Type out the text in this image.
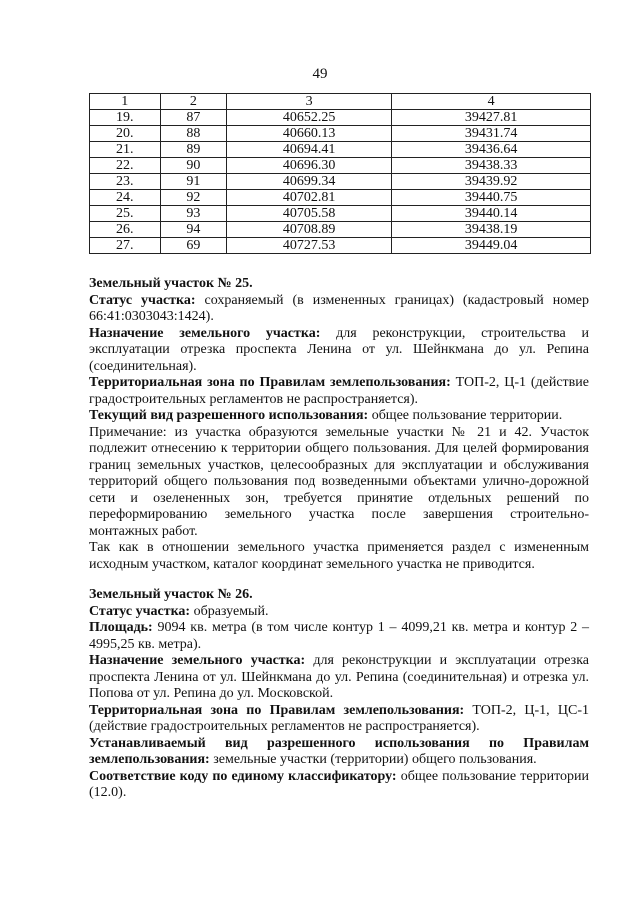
49
1	2	3	4
19.	87	40652.25	39427.81
20.	88	40660.13	39431.74
21.	89	40694.41	39436.64
22.	90	40696.30	39438.33
23.	91	40699.34	39439.92
24.	92	40702.81	39440.75
25.	93	40705.58	39440.14
26.	94	40708.89	39438.19
27.	69	40727.53	39449.04

Земельный участок № 25.

Статус участка: сохраняемый (в измененных границах) (кадастровый номер 66:41:0303043:1424).

Назначение земельного участка: для реконструкции, строительства и эксплуатации отрезка проспекта Ленина от ул. Шейнкмана до ул. Репина (соединительная).

Территориальная зона по Правилам землепользования: ТОП-2, Ц-1 (действие градостроительных регламентов не распространяется).

Текущий вид разрешенного использования: общее пользование территории.

Примечание: из участка образуются земельные участки № 21 и 42. Участок подлежит отнесению к территории общего пользования. Для целей формирования границ земельных участков, целесообразных для эксплуатации и обслуживания территорий общего пользования под возведенными объектами улично-дорожной сети и озелененных зон, требуется принятие отдельных решений по переформированию земельного участка после завершения строительно-монтажных работ.

Так как в отношении земельного участка применяется раздел с измененным исходным участком, каталог координат земельного участка не приводится.

Земельный участок № 26.

Статус участка: образуемый.

Площадь: 9094 кв. метра (в том числе контур 1 – 4099,21 кв. метра и контур 2 – 4995,25 кв. метра).

Назначение земельного участка: для реконструкции и эксплуатации отрезка проспекта Ленина от ул. Шейнкмана до ул. Репина (соединительная) и отрезка ул. Попова от ул. Репина до ул. Московской.

Территориальная зона по Правилам землепользования: ТОП-2, Ц-1, ЦС-1 (действие градостроительных регламентов не распространяется).

Устанавливаемый вид разрешенного использования по Правилам землепользования: земельные участки (территории) общего пользования.

Соответствие коду по единому классификатору: общее пользование территории (12.0).
